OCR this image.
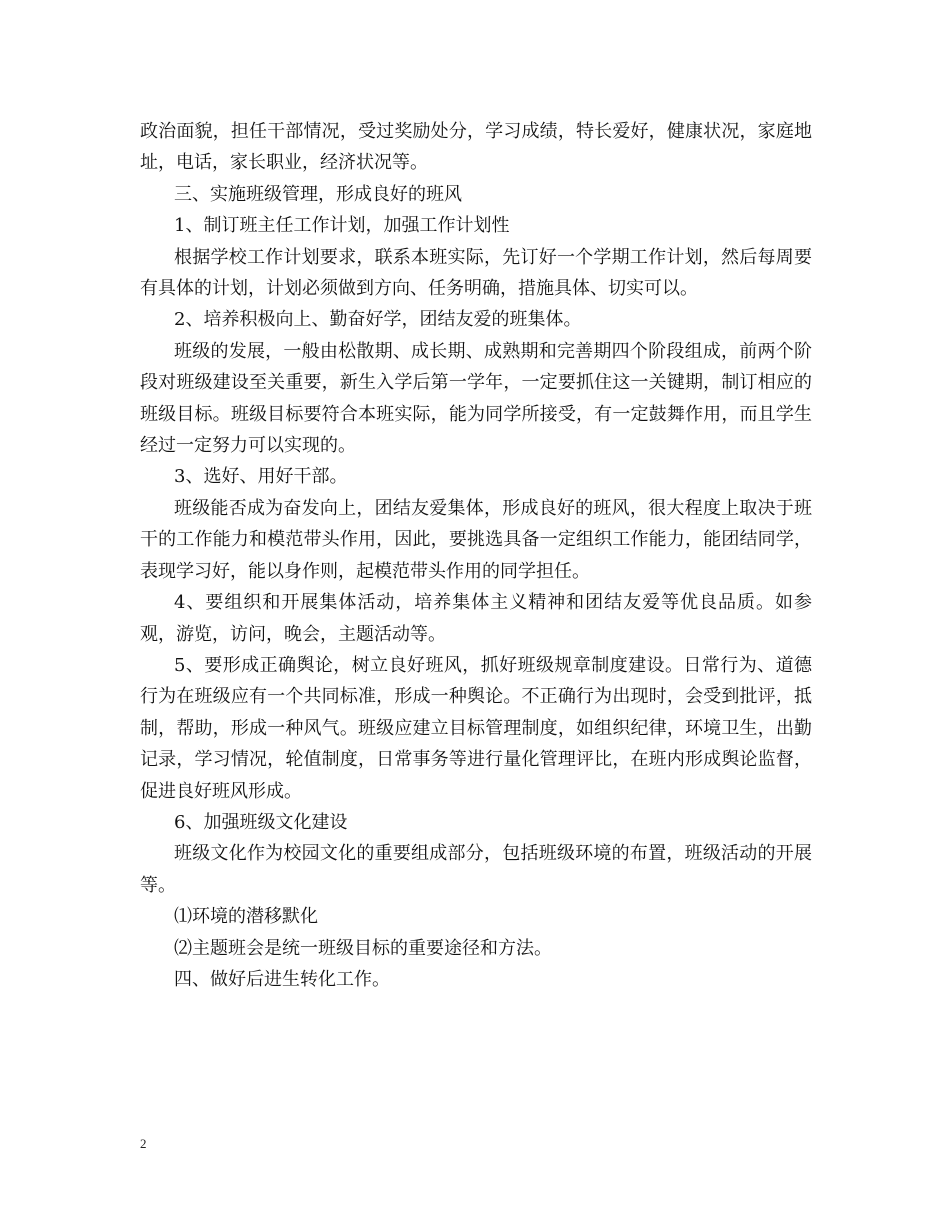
政治面貌，担任干部情况，受过奖励处分，学习成绩，特长爱好，健康状况，家庭地址，电话，家长职业，经济状况等。

三、实施班级管理，形成良好的班风

1、制订班主任工作计划，加强工作计划性

根据学校工作计划要求，联系本班实际，先订好一个学期工作计划，然后每周要有具体的计划，计划必须做到方向、任务明确，措施具体、切实可以。

2、培养积极向上、勤奋好学，团结友爱的班集体。

班级的发展，一般由松散期、成长期、成熟期和完善期四个阶段组成，前两个阶段对班级建设至关重要，新生入学后第一学年，一定要抓住这一关键期，制订相应的班级目标。班级目标要符合本班实际，能为同学所接受，有一定鼓舞作用，而且学生经过一定努力可以实现的。

3、选好、用好干部。

班级能否成为奋发向上，团结友爱集体，形成良好的班风，很大程度上取决于班干的工作能力和模范带头作用，因此，要挑选具备一定组织工作能力，能团结同学，表现学习好，能以身作则，起模范带头作用的同学担任。

4、要组织和开展集体活动，培养集体主义精神和团结友爱等优良品质。如参观，游览，访问，晚会，主题活动等。

5、要形成正确舆论，树立良好班风，抓好班级规章制度建设。日常行为、道德行为在班级应有一个共同标准，形成一种舆论。不正确行为出现时，会受到批评，抵制，帮助，形成一种风气。班级应建立目标管理制度，如组织纪律，环境卫生，出勤记录，学习情况，轮值制度，日常事务等进行量化管理评比，在班内形成舆论监督，促进良好班风形成。

6、加强班级文化建设

班级文化作为校园文化的重要组成部分，包括班级环境的布置，班级活动的开展等。

⑴环境的潜移默化

⑵主题班会是统一班级目标的重要途径和方法。

四、做好后进生转化工作。

2
